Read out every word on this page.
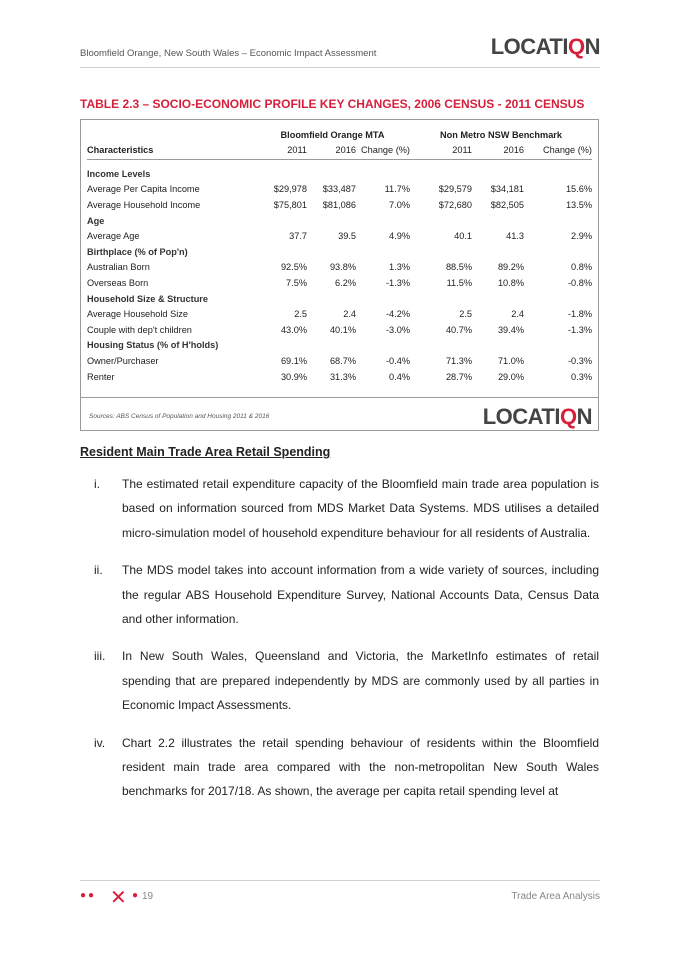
Bloomfield Orange, New South Wales – Economic Impact Assessment	LOCATIQN
TABLE 2.3 – SOCIO-ECONOMIC PROFILE KEY CHANGES, 2006 CENSUS - 2011 CENSUS
	Bloomfield Orange MTA			Non Metro NSW Benchmark		
Characteristics	2011	2016	Change (%)	2011	2016	Change (%)

Income Levels						
Average Per Capita Income	$29,978	$33,487	11.7%	$29,579	$34,181	15.6%
Average Household Income	$75,801	$81,086	7.0%	$72,680	$82,505	13.5%
Age						
Average Age	37.7	39.5	4.9%	40.1	41.3	2.9%
Birthplace (% of Pop'n)						
Australian Born	92.5%	93.8%	1.3%	88.5%	89.2%	0.8%
Overseas Born	7.5%	6.2%	-1.3%	11.5%	10.8%	-0.8%
Household Size & Structure						
Average Household Size	2.5	2.4	-4.2%	2.5	2.4	-1.8%
Couple with dep't children	43.0%	40.1%	-3.0%	40.7%	39.4%	-1.3%
Housing Status (% of H'holds)						
Owner/Purchaser	69.1%	68.7%	-0.4%	71.3%	71.0%	-0.3%
Renter	30.9%	31.3%	0.4%	28.7%	29.0%	0.3%
Sources: ABS Census of Population and Housing 2011 & 2016	LOCATIQN
Resident Main Trade Area Retail Spending
i. The estimated retail expenditure capacity of the Bloomfield main trade area population is based on information sourced from MDS Market Data Systems. MDS utilises a detailed micro-simulation model of household expenditure behaviour for all residents of Australia.
ii. The MDS model takes into account information from a wide variety of sources, including the regular ABS Household Expenditure Survey, National Accounts Data, Census Data and other information.
iii. In New South Wales, Queensland and Victoria, the MarketInfo estimates of retail spending that are prepared independently by MDS are commonly used by all parties in Economic Impact Assessments.
iv. Chart 2.2 illustrates the retail spending behaviour of residents within the Bloomfield resident main trade area compared with the non-metropolitan New South Wales benchmarks for 2017/18. As shown, the average per capita retail spending level at
●● ✕ ● 19	Trade Area Analysis
